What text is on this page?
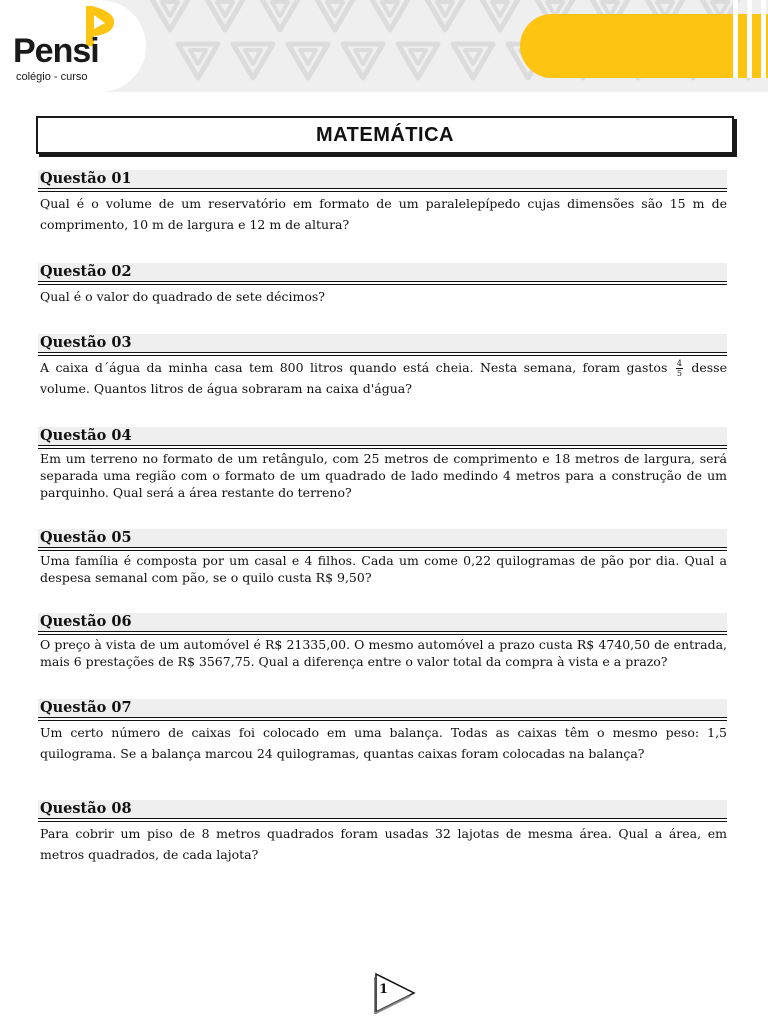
Pensi
colégio - curso
MATEMÁTICA
Questão 01
Qual é o volume de um reservatório em formato de um paralelepípedo cujas dimensões são 15 m de comprimento, 10 m de largura e 12 m de altura?
Questão 02
Qual é o valor do quadrado de sete décimos?
Questão 03
A caixa d´água da minha casa tem 800 litros quando está cheia. Nesta semana, foram gastos $\frac{4}{5}$ desse volume. Quantos litros de água sobraram na caixa d'água?
Questão 04
Em um terreno no formato de um retângulo, com 25 metros de comprimento e 18 metros de largura, será separada uma região com o formato de um quadrado de lado medindo 4 metros para a construção de um parquinho. Qual será a área restante do terreno?
Questão 05
Uma família é composta por um casal e 4 filhos. Cada um come 0,22 quilogramas de pão por dia. Qual a despesa semanal com pão, se o quilo custa R$ 9,50?
Questão 06
O preço à vista de um automóvel é R$ 21335,00. O mesmo automóvel a prazo custa R$ 4740,50 de entrada, mais 6 prestações de R$ 3567,75. Qual a diferença entre o valor total da compra à vista e a prazo?
Questão 07
Um certo número de caixas foi colocado em uma balança. Todas as caixas têm o mesmo peso: 1,5 quilograma. Se a balança marcou 24 quilogramas, quantas caixas foram colocadas na balança?
Questão 08
Para cobrir um piso de 8 metros quadrados foram usadas 32 lajotas de mesma área. Qual a área, em metros quadrados, de cada lajota?
1
